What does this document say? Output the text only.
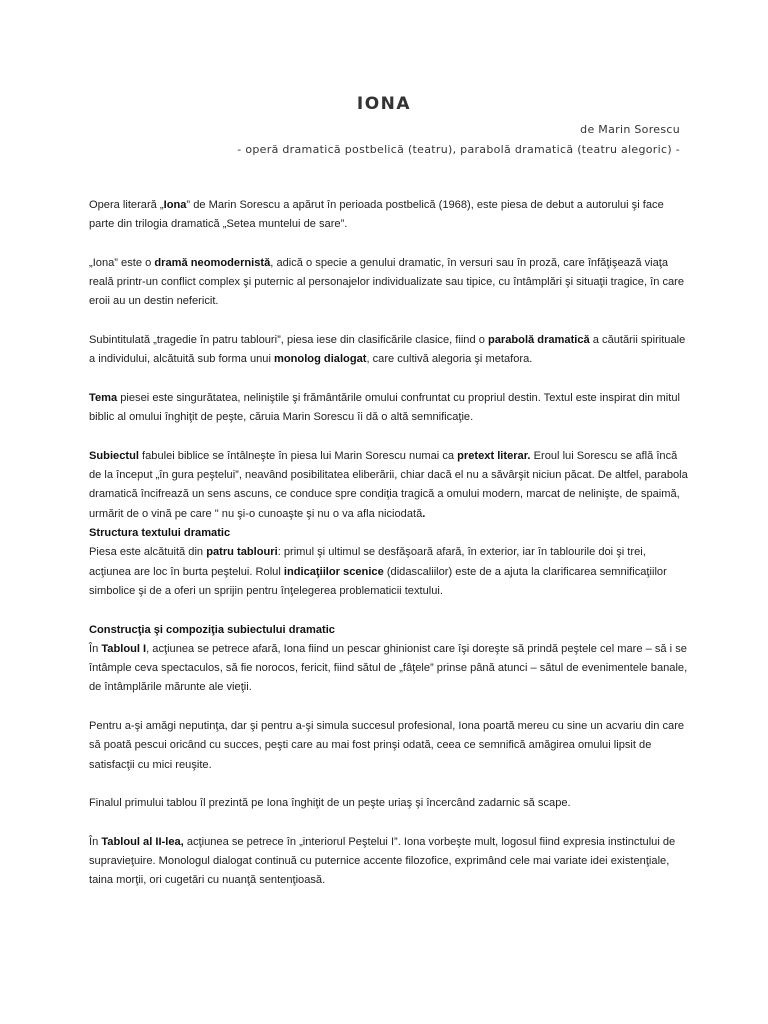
IONA
de Marin Sorescu
- operă dramatică postbelică (teatru), parabolă dramatică (teatru alegoric) -

Opera literară „Iona” de Marin Sorescu a apărut în perioada postbelică (1968), este piesa de debut a autorului şi face parte din trilogia dramatică „Setea muntelui de sare”.

„Iona” este o dramă neomodernistă, adică o specie a genului dramatic, în versuri sau în proză, care înfăţişează viaţa reală printr-un conflict complex şi puternic al personajelor individualizate sau tipice, cu întâmplări şi situaţii tragice, în care eroii au un destin nefericit.

Subintitulată „tragedie în patru tablouri”, piesa iese din clasificările clasice, fiind o parabolă dramatică a căutării spirituale a individului, alcătuită sub forma unui monolog dialogat, care cultivă alegoria şi metafora.

Tema piesei este singurătatea, neliniştile şi frământările omului confruntat cu propriul destin. Textul este inspirat din mitul biblic al omului înghiţit de peşte, căruia Marin Sorescu îi dă o altă semnificaţie.

Subiectul fabulei biblice se întâlneşte în piesa lui Marin Sorescu numai ca pretext literar. Eroul lui Sorescu se află încă de la început „în gura peştelui”, neavând posibilitatea eliberării, chiar dacă el nu a săvârşit niciun păcat. De altfel, parabola dramatică încifrează un sens ascuns, ce conduce spre condiţia tragică a omului modern, marcat de nelinişte, de spaimă, urmărit de o vină pe care " nu şi-o cunoaşte şi nu o va afla niciodată.

Structura textului dramatic

Piesa este alcătuită din patru tablouri: primul şi ultimul se desfăşoară afară, în exterior, iar în tablourile doi şi trei, acţiunea are loc în burta peştelui. Rolul indicaţiilor scenice (didascaliilor) este de a ajuta la clarificarea semnificaţiilor simbolice şi de a oferi un sprijin pentru înţelegerea problematicii textului.

Construcţia şi compoziţia subiectului dramatic

În Tabloul I, acţiunea se petrece afară, Iona fiind un pescar ghinionist care îşi doreşte să prindă peştele cel mare – să i se întâmple ceva spectaculos, să fie norocos, fericit, fiind sătul de „fâţele” prinse până atunci – sătul de evenimentele banale, de întâmplările mărunte ale vieţii.

Pentru a-şi amăgi neputinţa, dar şi pentru a-şi simula succesul profesional, Iona poartă mereu cu sine un acvariu din care să poată pescui oricând cu succes, peşti care au mai fost prinşi odată, ceea ce semnifică amăgirea omului lipsit de satisfacţii cu mici reuşite.

Finalul primului tablou îl prezintă pe Iona înghiţit de un peşte uriaş şi încercând zadarnic să scape.

În Tabloul al II-lea, acţiunea se petrece în „interiorul Peştelui I”. Iona vorbeşte mult, logosul fiind expresia instinctului de supravieţuire. Monologul dialogat continuă cu puternice accente filozofice, exprimând cele mai variate idei existenţiale, taina morţii, ori cugetări cu nuanţă sentenţioasă.
